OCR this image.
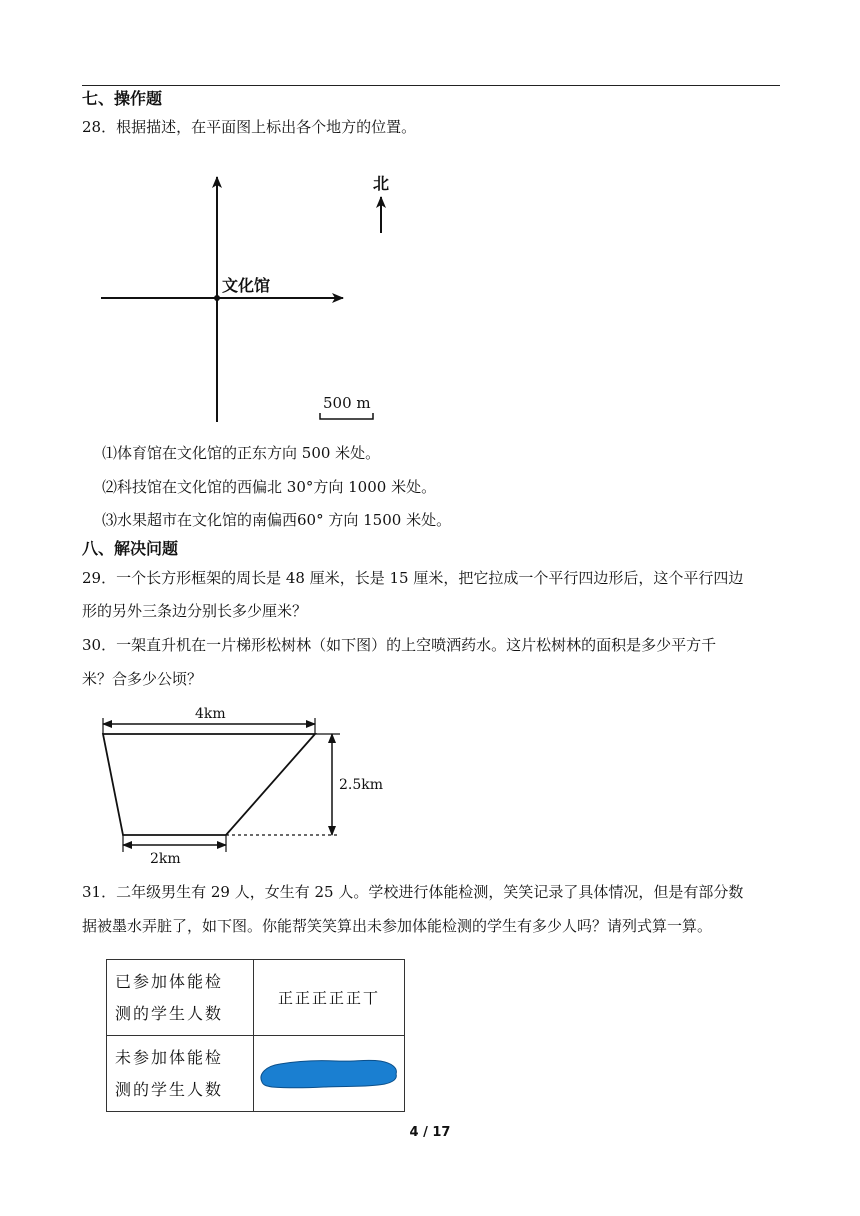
七、操作题
28．根据描述，在平面图上标出各个地方的位置。
文化馆
北
500 m
⑴体育馆在文化馆的正东方向 500 米处。
⑵科技馆在文化馆的西偏北 30°方向 1000 米处。
⑶水果超市在文化馆的南偏西60° 方向 1500 米处。
八、解决问题
29．一个长方形框架的周长是 48 厘米，长是 15 厘米，把它拉成一个平行四边形后，这个平行四边
形的另外三条边分别长多少厘米？
30．一架直升机在一片梯形松树林（如下图）的上空喷洒药水。这片松树林的面积是多少平方千
米？合多少公顷？
4km
2.5km
2km
31．二年级男生有 29 人，女生有 25 人。学校进行体能检测，笑笑记录了具体情况，但是有部分数
据被墨水弄脏了，如下图。你能帮笑笑算出未参加体能检测的学生有多少人吗？请列式算一算。
已参加体能检
测的学生人数	正正正正正丅

未参加体能检
测的学生人数

4 / 17
